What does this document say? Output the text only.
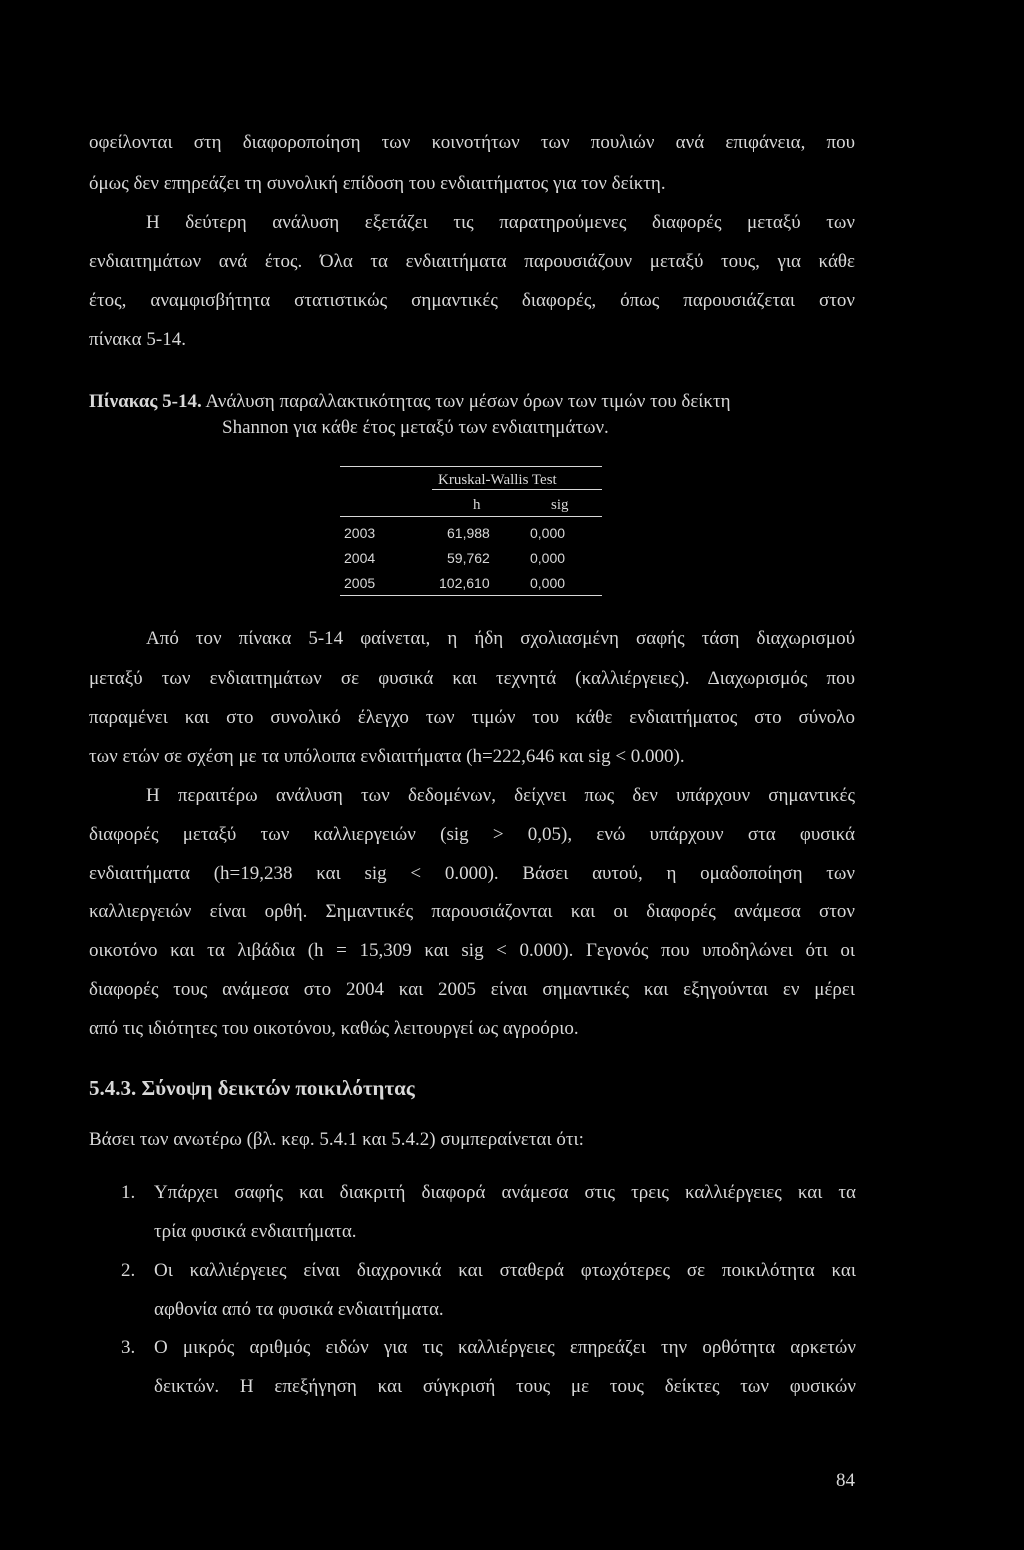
οφείλονται στη διαφοροποίηση των κοινοτήτων των πουλιών ανά επιφάνεια, που
όμως δεν επηρεάζει τη συνολική επίδοση του ενδιαιτήματος για τον δείκτη.
Η δεύτερη ανάλυση εξετάζει τις παρατηρούμενες διαφορές μεταξύ των
ενδιαιτημάτων ανά έτος. Όλα τα ενδιαιτήματα παρουσιάζουν μεταξύ τους, για κάθε
έτος, αναμφισβήτητα στατιστικώς σημαντικές διαφορές, όπως παρουσιάζεται στον
πίνακα 5-14.
Πίνακας 5-14. Ανάλυση παραλλακτικότητας των μέσων όρων των τιμών του δείκτη
Shannon για κάθε έτος μεταξύ των ενδιαιτημάτων.
Kruskal-Wallis Test
h	sig
2003	61,988	0,000
2004	59,762	0,000
2005	102,610	0,000
Από τον πίνακα 5-14 φαίνεται, η ήδη σχολιασμένη σαφής τάση διαχωρισμού
μεταξύ των ενδιαιτημάτων σε φυσικά και τεχνητά (καλλιέργειες). Διαχωρισμός που
παραμένει και στο συνολικό έλεγχο των τιμών του κάθε ενδιαιτήματος στο σύνολο
των ετών σε σχέση με τα υπόλοιπα ενδιαιτήματα (h=222,646 και sig < 0.000).
Η περαιτέρω ανάλυση των δεδομένων, δείχνει πως δεν υπάρχουν σημαντικές
διαφορές μεταξύ των καλλιεργειών (sig > 0,05), ενώ υπάρχουν στα φυσικά
ενδιαιτήματα (h=19,238 και sig < 0.000). Βάσει αυτού, η ομαδοποίηση των
καλλιεργειών είναι ορθή. Σημαντικές παρουσιάζονται και οι διαφορές ανάμεσα στον
οικοτόνο και τα λιβάδια (h = 15,309 και sig < 0.000). Γεγονός που υποδηλώνει ότι οι
διαφορές τους ανάμεσα στο 2004 και 2005 είναι σημαντικές και εξηγούνται εν μέρει
από τις ιδιότητες του οικοτόνου, καθώς λειτουργεί ως αγροόριο.
5.4.3. Σύνοψη δεικτών ποικιλότητας
Βάσει των ανωτέρω (βλ. κεφ. 5.4.1 και 5.4.2) συμπεραίνεται ότι:
1. Υπάρχει σαφής και διακριτή διαφορά ανάμεσα στις τρεις καλλιέργειες και τα
τρία φυσικά ενδιαιτήματα.
2. Οι καλλιέργειες είναι διαχρονικά και σταθερά φτωχότερες σε ποικιλότητα και
αφθονία από τα φυσικά ενδιαιτήματα.
3. Ο μικρός αριθμός ειδών για τις καλλιέργειες επηρεάζει την ορθότητα αρκετών
δεικτών. Η επεξήγηση και σύγκρισή τους με τους δείκτες των φυσικών
84
